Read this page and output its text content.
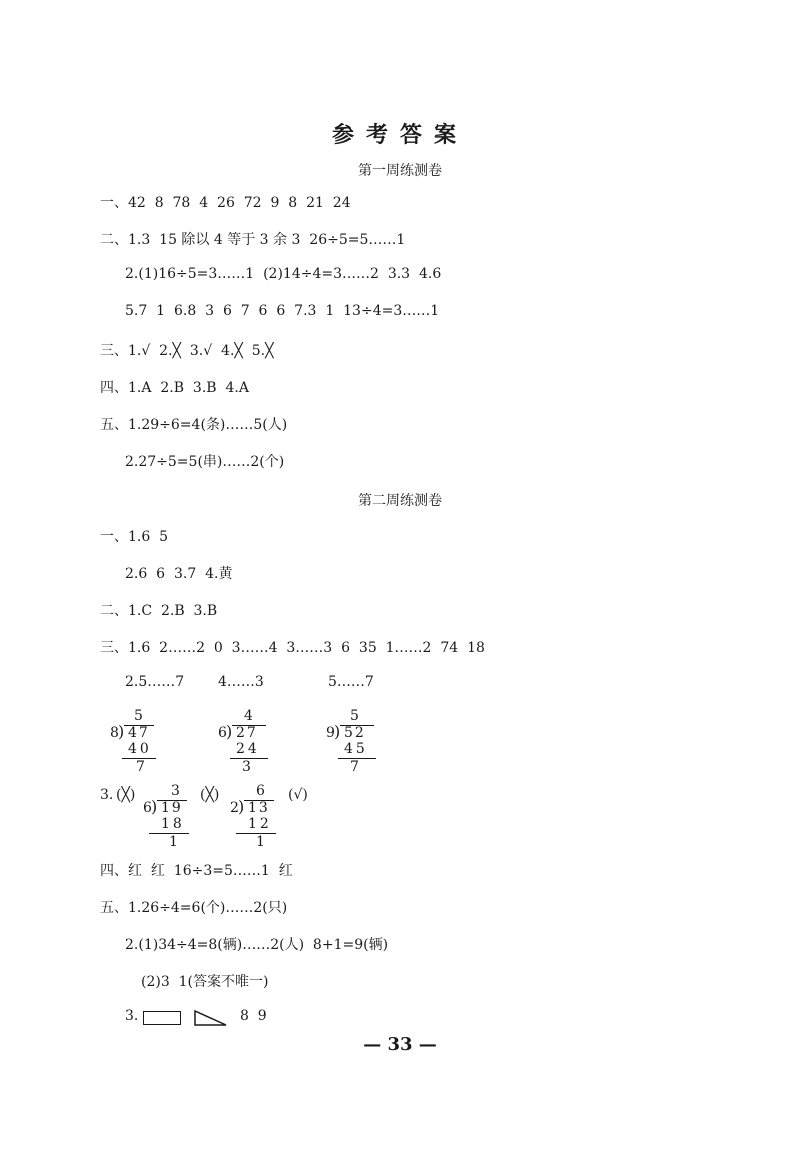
参考答案
第一周练测卷
一、42  8  78  4  26  72  9  8  21  24
二、1.3  15 除以 4 等于 3 余 3  26÷5=5……1
2.(1)16÷5=3……1  (2)14÷4=3……2  3.3  4.6
5.7  1  6.8  3  6  7  6  6  7.3  1  13÷4=3……1
三、1.√  2.╳  3.√  4.╳  5.╳
四、1.A  2.B  3.B  4.A
五、1.29÷6=4(条)……5(人)
2.27÷5=5(串)……2(个)
第二周练测卷
一、1.6  5
2.6  6  3.7  4.黄
二、1.C  2.B  3.B
三、1.6  2……2  0  3……4  3……3  6  35  1……2  74  18
2.5……7 4……3	5……7
5
8 ) 47
40
7
4
6 ) 27
24
3
5
9 ) 52
45
7
3. (╳)	(╳)	(√)
3
6 ) 19
18
1
6
2 ) 13
12
1
四、红  红  16÷3=5……1  红
五、1.26÷4=6(个)……2(只)
2.(1)34÷4=8(辆)……2(人)  8+1=9(辆)
(2)3  1(答案不唯一)
3.	8  9
— 33 —
